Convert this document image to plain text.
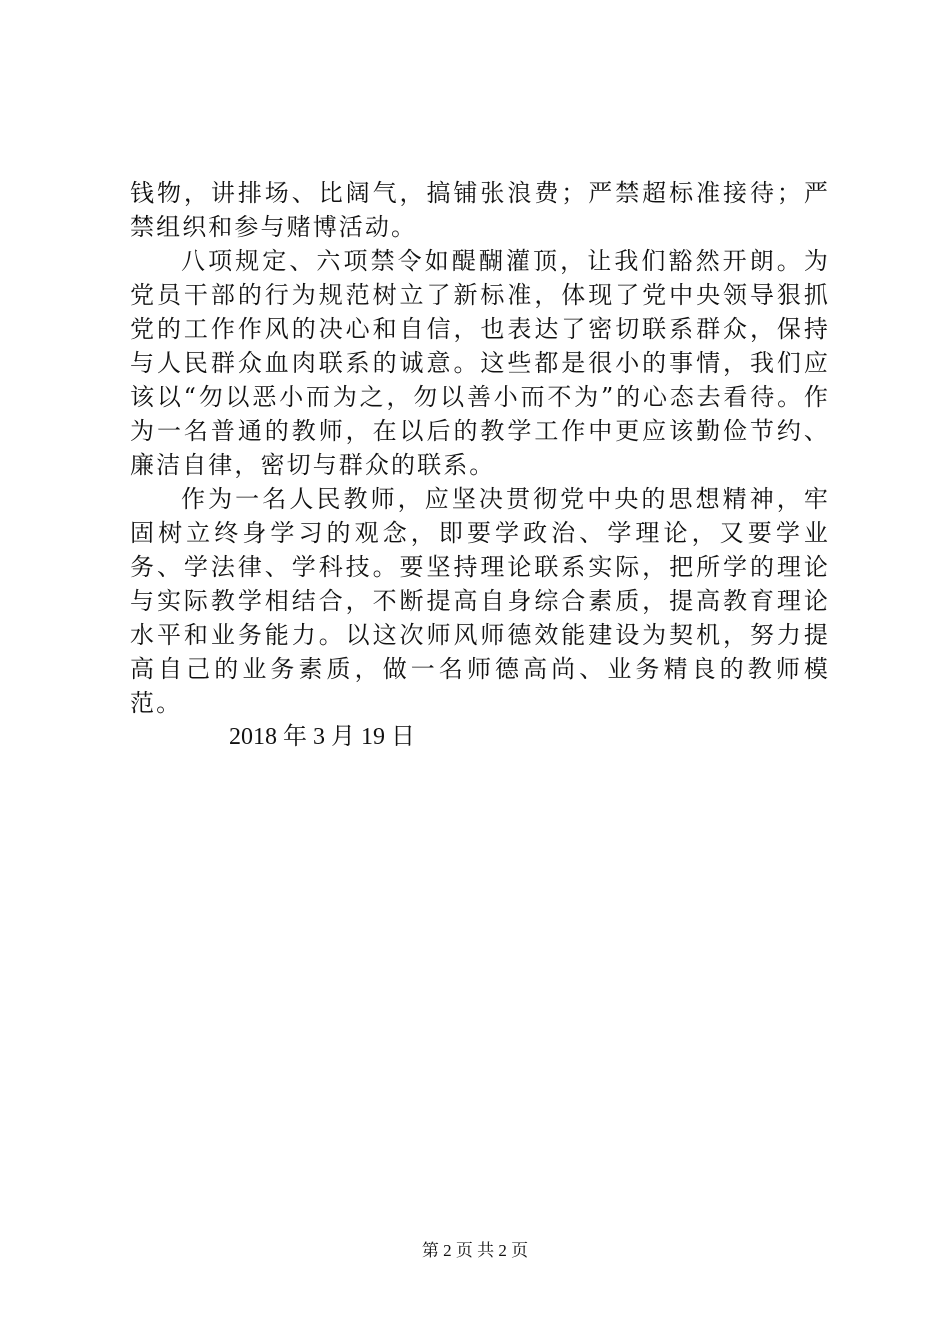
钱物，讲排场、比阔气，搞铺张浪费；严禁超标准接待；严禁组织和参与赌博活动。

八项规定、六项禁令如醍醐灌顶，让我们豁然开朗。为党员干部的行为规范树立了新标准，体现了党中央领导狠抓党的工作作风的决心和自信，也表达了密切联系群众，保持与人民群众血肉联系的诚意。这些都是很小的事情，我们应该以“勿以恶小而为之，勿以善小而不为”的心态去看待。作为一名普通的教师，在以后的教学工作中更应该勤俭节约、廉洁自律，密切与群众的联系。

作为一名人民教师，应坚决贯彻党中央的思想精神，牢固树立终身学习的观念，即要学政治、学理论，又要学业务、学法律、学科技。要坚持理论联系实际，把所学的理论与实际教学相结合，不断提高自身综合素质，提高教育理论水平和业务能力。以这次师风师德效能建设为契机，努力提高自己的业务素质，做一名师德高尚、业务精良的教师模范。

2018 年 3 月 19 日

第 2 页 共 2 页
